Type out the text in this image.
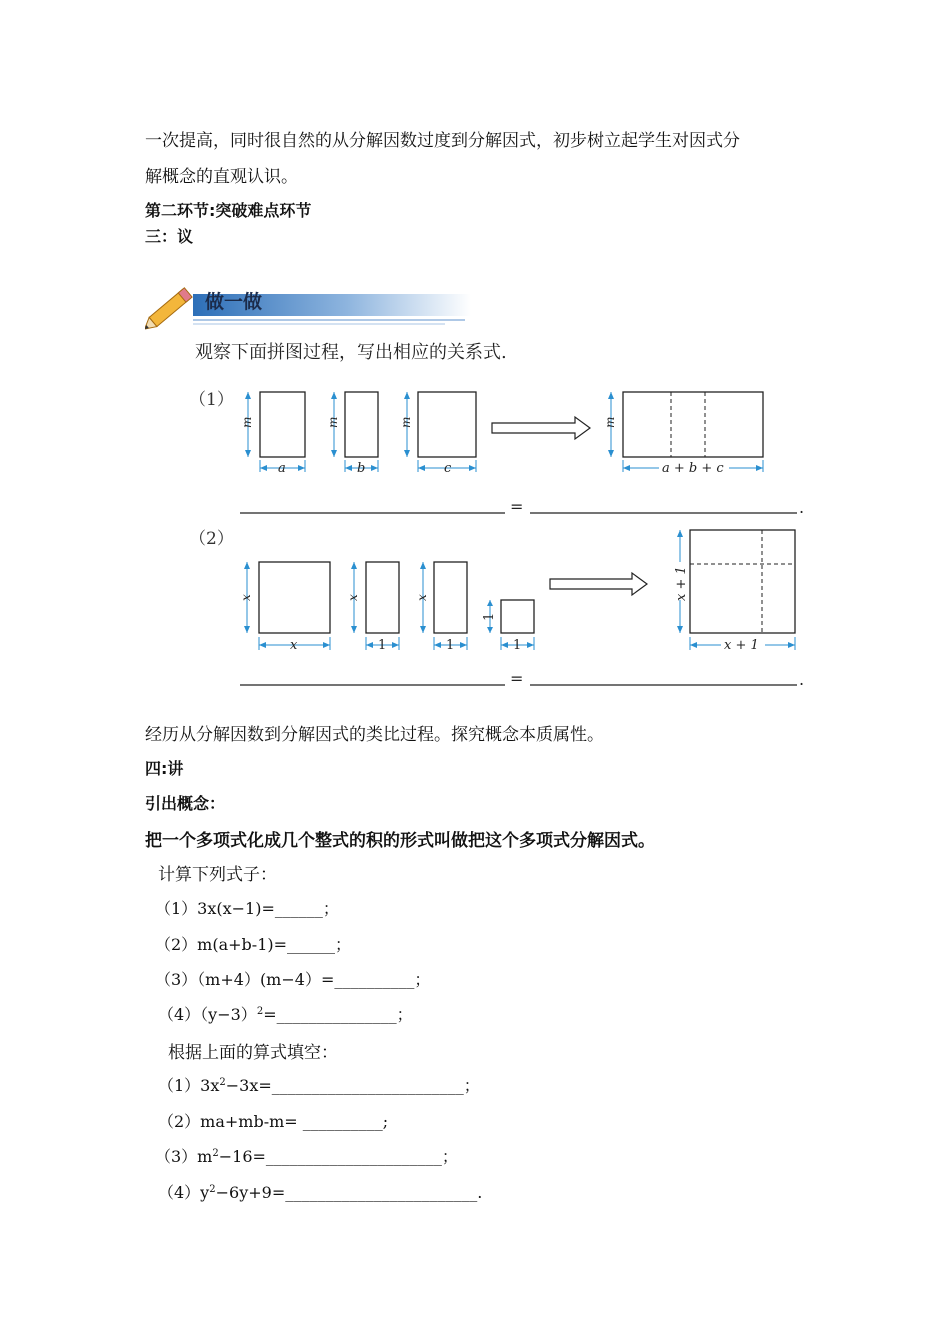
一次提高，同时很自然的从分解因数过度到分解因式，初步树立起学生对因式分
解概念的直观认识。
第二环节:突破难点环节
三：议
做一做
观察下面拼图过程，写出相应的关系式.
（1）
m
a
m
b
m
c
m
a + b + c
=	.
（2）
x
x
x
1
x
1
1
1
x + 1
x + 1
=	.
经历从分解因数到分解因式的类比过程。探究概念本质属性。
四:讲
引出概念：
把一个多项式化成几个整式的积的形式叫做把这个多项式分解因式。
计算下列式子：
（1）3x(x−1)=______；
（2）m(a+b-1)=______；
（3）（m+4）(m−4）=__________；
$(4)(y-3)^2=\_\_\_\_\_\_\_\_\_\_\_\_\_\_\_$；
根据上面的算式填空：
$(1)3x^2-3x=\_\_\_\_\_\_\_\_\_\_\_\_\_\_\_\_\_\_\_\_\_\_\_\_$；
（2）ma+mb-m= __________;
$(3)m^2-16=\_\_\_\_\_\_\_\_\_\_\_\_\_\_\_\_\_\_\_\_\_\_$；
$(4)y^2-6y+9=\_\_\_\_\_\_\_\_\_\_\_\_\_\_\_\_\_\_\_\_\_\_\_\_$.
